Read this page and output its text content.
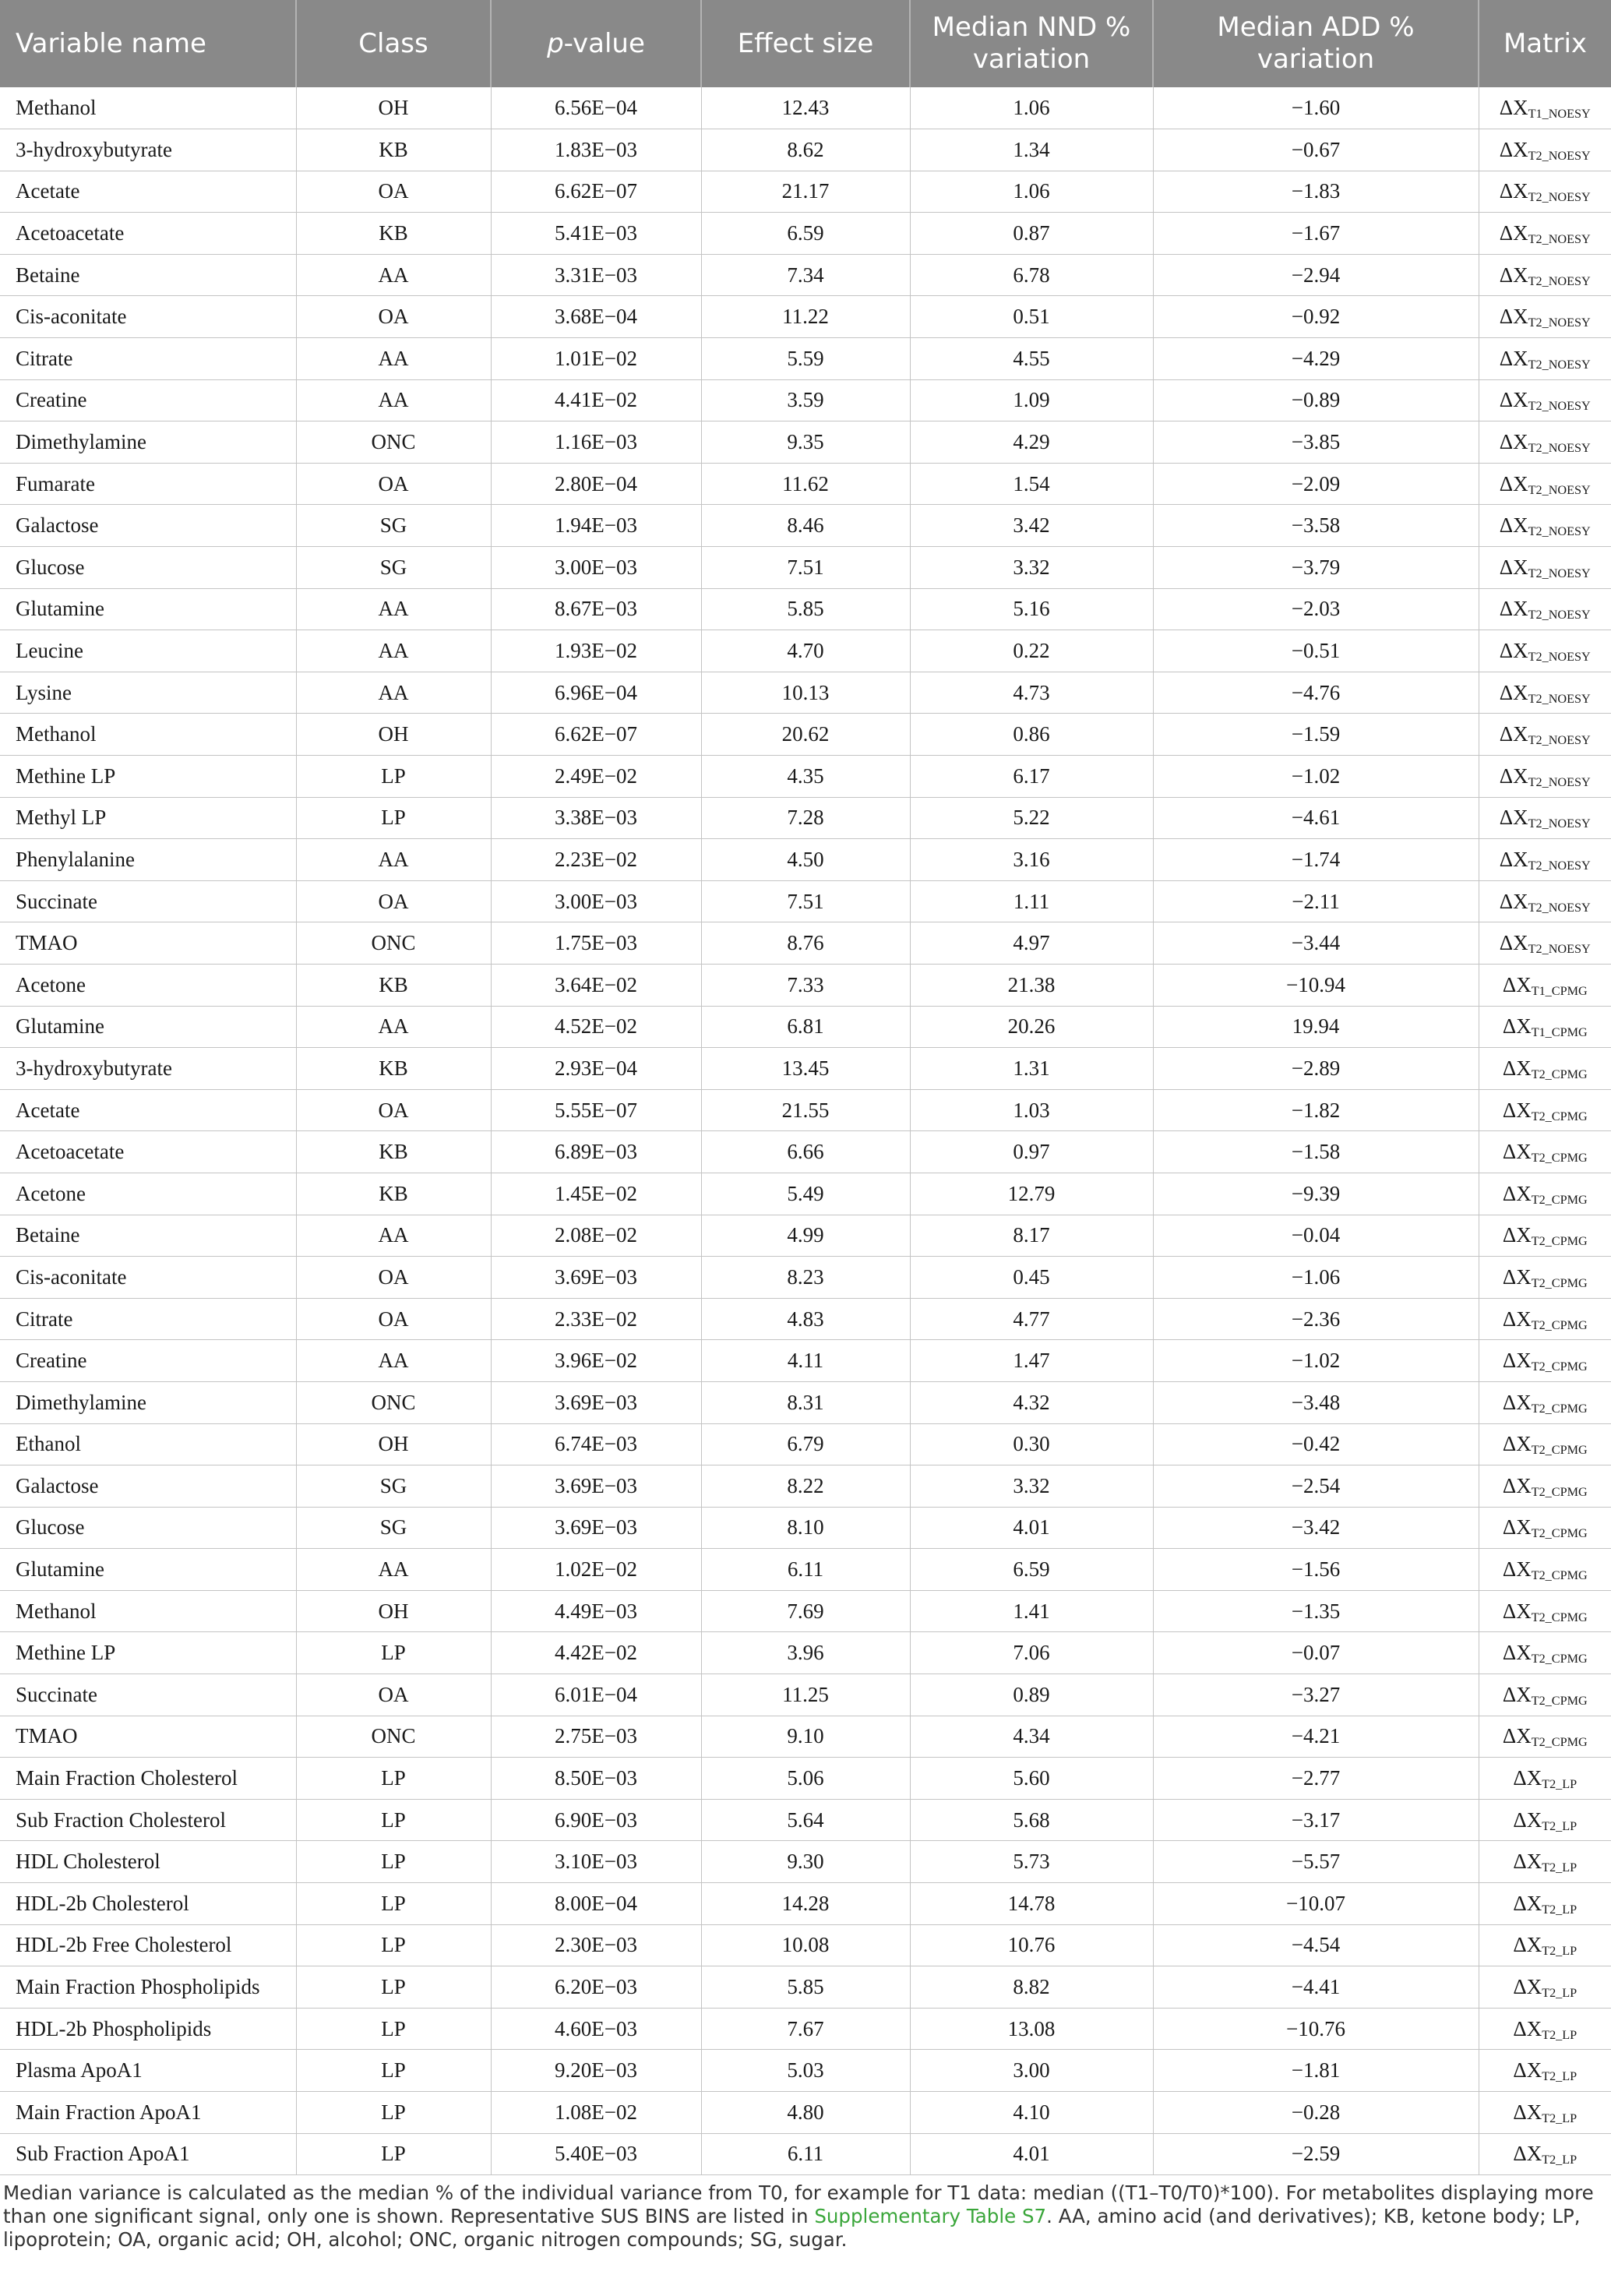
Variable name	Class	p-value	Effect size	Median NND % variation	Median ADD % variation	Matrix
Methanol	OH	6.56E−04	12.43	1.06	−1.60	$\Delta X_{T1\_NOESY}$
3-hydroxybutyrate	KB	1.83E−03	8.62	1.34	−0.67	$\Delta X_{T2\_NOESY}$
Acetate	OA	6.62E−07	21.17	1.06	−1.83	$\Delta X_{T2\_NOESY}$
Acetoacetate	KB	5.41E−03	6.59	0.87	−1.67	$\Delta X_{T2\_NOESY}$
Betaine	AA	3.31E−03	7.34	6.78	−2.94	$\Delta X_{T2\_NOESY}$
Cis-aconitate	OA	3.68E−04	11.22	0.51	−0.92	$\Delta X_{T2\_NOESY}$
Citrate	AA	1.01E−02	5.59	4.55	−4.29	$\Delta X_{T2\_NOESY}$
Creatine	AA	4.41E−02	3.59	1.09	−0.89	$\Delta X_{T2\_NOESY}$
Dimethylamine	ONC	1.16E−03	9.35	4.29	−3.85	$\Delta X_{T2\_NOESY}$
Fumarate	OA	2.80E−04	11.62	1.54	−2.09	$\Delta X_{T2\_NOESY}$
Galactose	SG	1.94E−03	8.46	3.42	−3.58	$\Delta X_{T2\_NOESY}$
Glucose	SG	3.00E−03	7.51	3.32	−3.79	$\Delta X_{T2\_NOESY}$
Glutamine	AA	8.67E−03	5.85	5.16	−2.03	$\Delta X_{T2\_NOESY}$
Leucine	AA	1.93E−02	4.70	0.22	−0.51	$\Delta X_{T2\_NOESY}$
Lysine	AA	6.96E−04	10.13	4.73	−4.76	$\Delta X_{T2\_NOESY}$
Methanol	OH	6.62E−07	20.62	0.86	−1.59	$\Delta X_{T2\_NOESY}$
Methine LP	LP	2.49E−02	4.35	6.17	−1.02	$\Delta X_{T2\_NOESY}$
Methyl LP	LP	3.38E−03	7.28	5.22	−4.61	$\Delta X_{T2\_NOESY}$
Phenylalanine	AA	2.23E−02	4.50	3.16	−1.74	$\Delta X_{T2\_NOESY}$
Succinate	OA	3.00E−03	7.51	1.11	−2.11	$\Delta X_{T2\_NOESY}$
TMAO	ONC	1.75E−03	8.76	4.97	−3.44	$\Delta X_{T2\_NOESY}$
Acetone	KB	3.64E−02	7.33	21.38	−10.94	$\Delta X_{T1\_CPMG}$
Glutamine	AA	4.52E−02	6.81	20.26	19.94	$\Delta X_{T1\_CPMG}$
3-hydroxybutyrate	KB	2.93E−04	13.45	1.31	−2.89	$\Delta X_{T2\_CPMG}$
Acetate	OA	5.55E−07	21.55	1.03	−1.82	$\Delta X_{T2\_CPMG}$
Acetoacetate	KB	6.89E−03	6.66	0.97	−1.58	$\Delta X_{T2\_CPMG}$
Acetone	KB	1.45E−02	5.49	12.79	−9.39	$\Delta X_{T2\_CPMG}$
Betaine	AA	2.08E−02	4.99	8.17	−0.04	$\Delta X_{T2\_CPMG}$
Cis-aconitate	OA	3.69E−03	8.23	0.45	−1.06	$\Delta X_{T2\_CPMG}$
Citrate	OA	2.33E−02	4.83	4.77	−2.36	$\Delta X_{T2\_CPMG}$
Creatine	AA	3.96E−02	4.11	1.47	−1.02	$\Delta X_{T2\_CPMG}$
Dimethylamine	ONC	3.69E−03	8.31	4.32	−3.48	$\Delta X_{T2\_CPMG}$
Ethanol	OH	6.74E−03	6.79	0.30	−0.42	$\Delta X_{T2\_CPMG}$
Galactose	SG	3.69E−03	8.22	3.32	−2.54	$\Delta X_{T2\_CPMG}$
Glucose	SG	3.69E−03	8.10	4.01	−3.42	$\Delta X_{T2\_CPMG}$
Glutamine	AA	1.02E−02	6.11	6.59	−1.56	$\Delta X_{T2\_CPMG}$
Methanol	OH	4.49E−03	7.69	1.41	−1.35	$\Delta X_{T2\_CPMG}$
Methine LP	LP	4.42E−02	3.96	7.06	−0.07	$\Delta X_{T2\_CPMG}$
Succinate	OA	6.01E−04	11.25	0.89	−3.27	$\Delta X_{T2\_CPMG}$
TMAO	ONC	2.75E−03	9.10	4.34	−4.21	$\Delta X_{T2\_CPMG}$
Main Fraction Cholesterol	LP	8.50E−03	5.06	5.60	−2.77	$\Delta X_{T2\_LP}$
Sub Fraction Cholesterol	LP	6.90E−03	5.64	5.68	−3.17	$\Delta X_{T2\_LP}$
HDL Cholesterol	LP	3.10E−03	9.30	5.73	−5.57	$\Delta X_{T2\_LP}$
HDL-2b Cholesterol	LP	8.00E−04	14.28	14.78	−10.07	$\Delta X_{T2\_LP}$
HDL-2b Free Cholesterol	LP	2.30E−03	10.08	10.76	−4.54	$\Delta X_{T2\_LP}$
Main Fraction Phospholipids	LP	6.20E−03	5.85	8.82	−4.41	$\Delta X_{T2\_LP}$
HDL-2b Phospholipids	LP	4.60E−03	7.67	13.08	−10.76	$\Delta X_{T2\_LP}$
Plasma ApoA1	LP	9.20E−03	5.03	3.00	−1.81	$\Delta X_{T2\_LP}$
Main Fraction ApoA1	LP	1.08E−02	4.80	4.10	−0.28	$\Delta X_{T2\_LP}$
Sub Fraction ApoA1	LP	5.40E−03	6.11	4.01	−2.59	$\Delta X_{T2\_LP}$
Median variance is calculated as the median % of the individual variance from T0, for example for T1 data: median ((T1–T0/T0)*100). For metabolites displaying more than one significant signal, only one is shown. Representative SUS BINS are listed in Supplementary Table S7. AA, amino acid (and derivatives); KB, ketone body; LP, lipoprotein; OA, organic acid; OH, alcohol; ONC, organic nitrogen compounds; SG, sugar.
